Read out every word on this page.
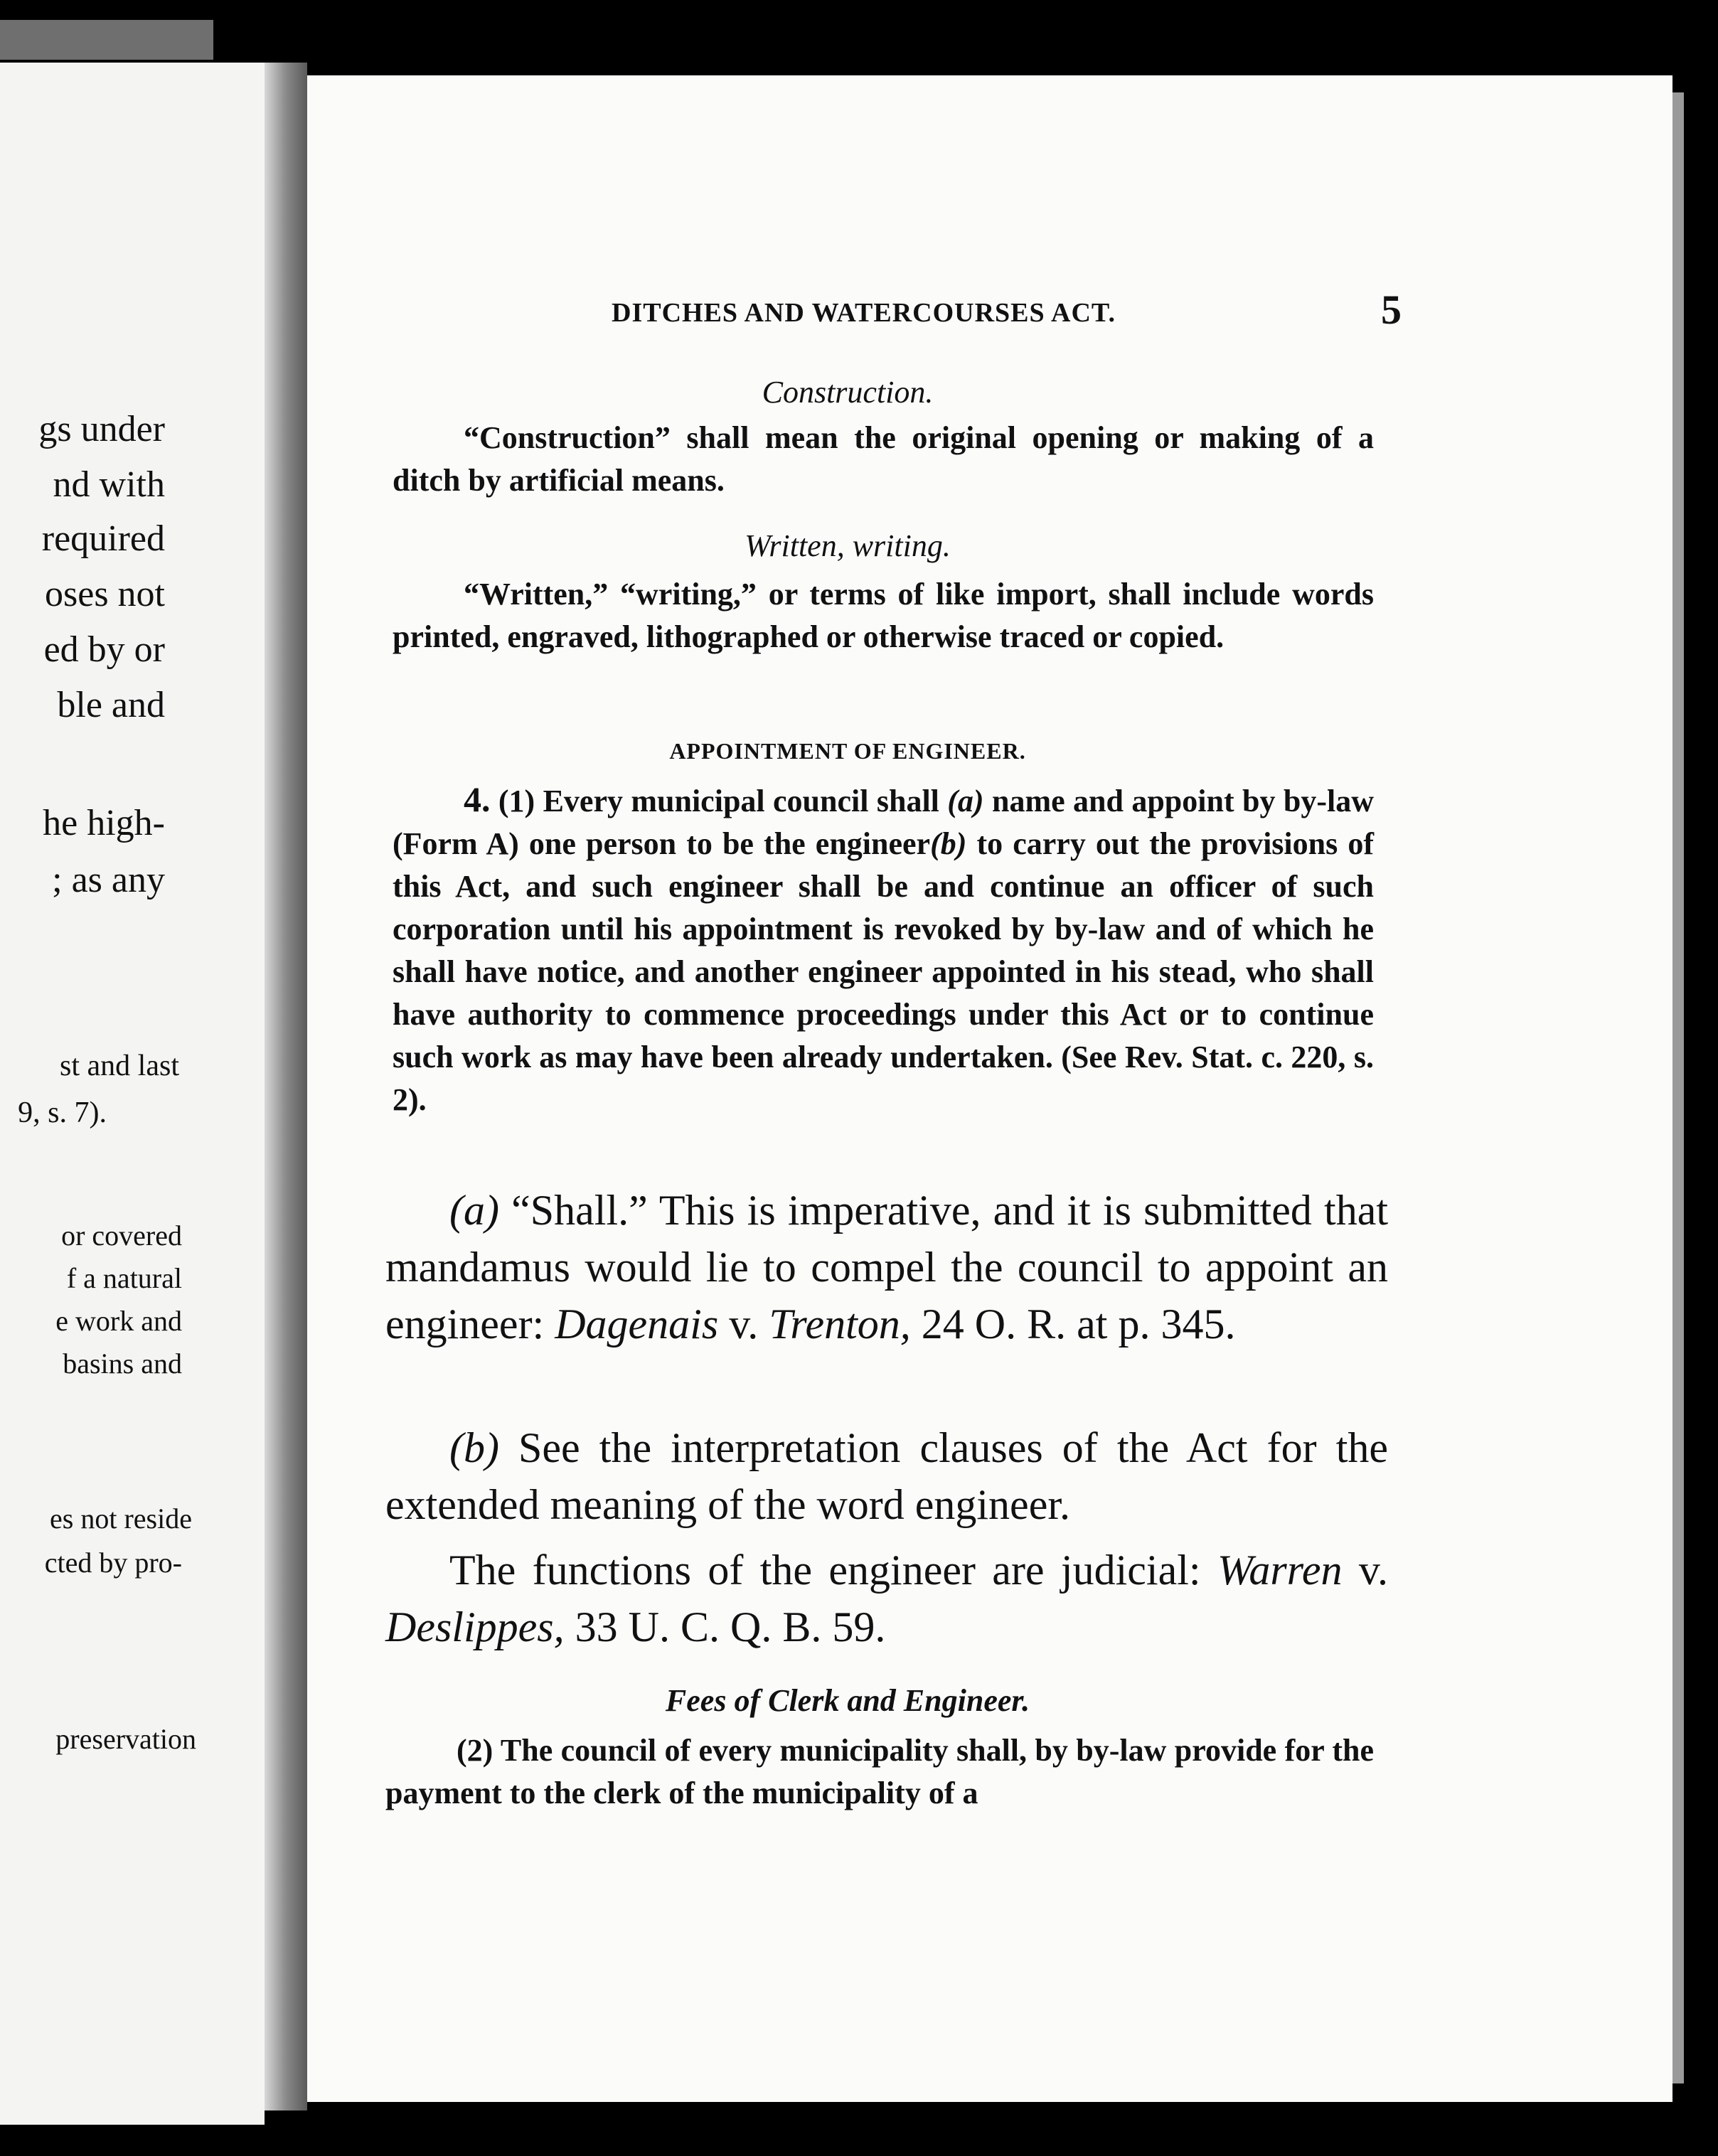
gs under
nd with
required
oses not
ed by or
ble and
he high-
; as any
st and last
9, s. 7).
or covered
f a natural
e work and
basins and
es not reside
cted by pro-
preservation
DITCHES AND WATERCOURSES ACT.	5
Construction.
“Construction” shall mean the original opening or making of a ditch by artificial means.
Written, writing.
“Written,” “writing,” or terms of like import, shall include words printed, engraved, lithographed or otherwise traced or copied.
APPOINTMENT OF ENGINEER.
4. (1) Every municipal council shall (a) name and appoint by by-law (Form A) one person to be the engineer(b) to carry out the provisions of this Act, and such engineer shall be and continue an officer of such corporation until his appointment is revoked by by-law and of which he shall have notice, and another engineer appointed in his stead, who shall have authority to commence proceedings under this Act or to continue such work as may have been already undertaken. (See Rev. Stat. c. 220, s. 2).
(a) “Shall.” This is imperative, and it is submitted that mandamus would lie to compel the council to appoint an engineer: Dagenais v. Trenton, 24 O. R. at p. 345.
(b) See the interpretation clauses of the Act for the extended meaning of the word engineer.
The functions of the engineer are judicial: Warren v. Deslippes, 33 U. C. Q. B. 59.
Fees of Clerk and Engineer.
(2) The council of every municipality shall, by by-law provide for the payment to the clerk of the municipality of a
